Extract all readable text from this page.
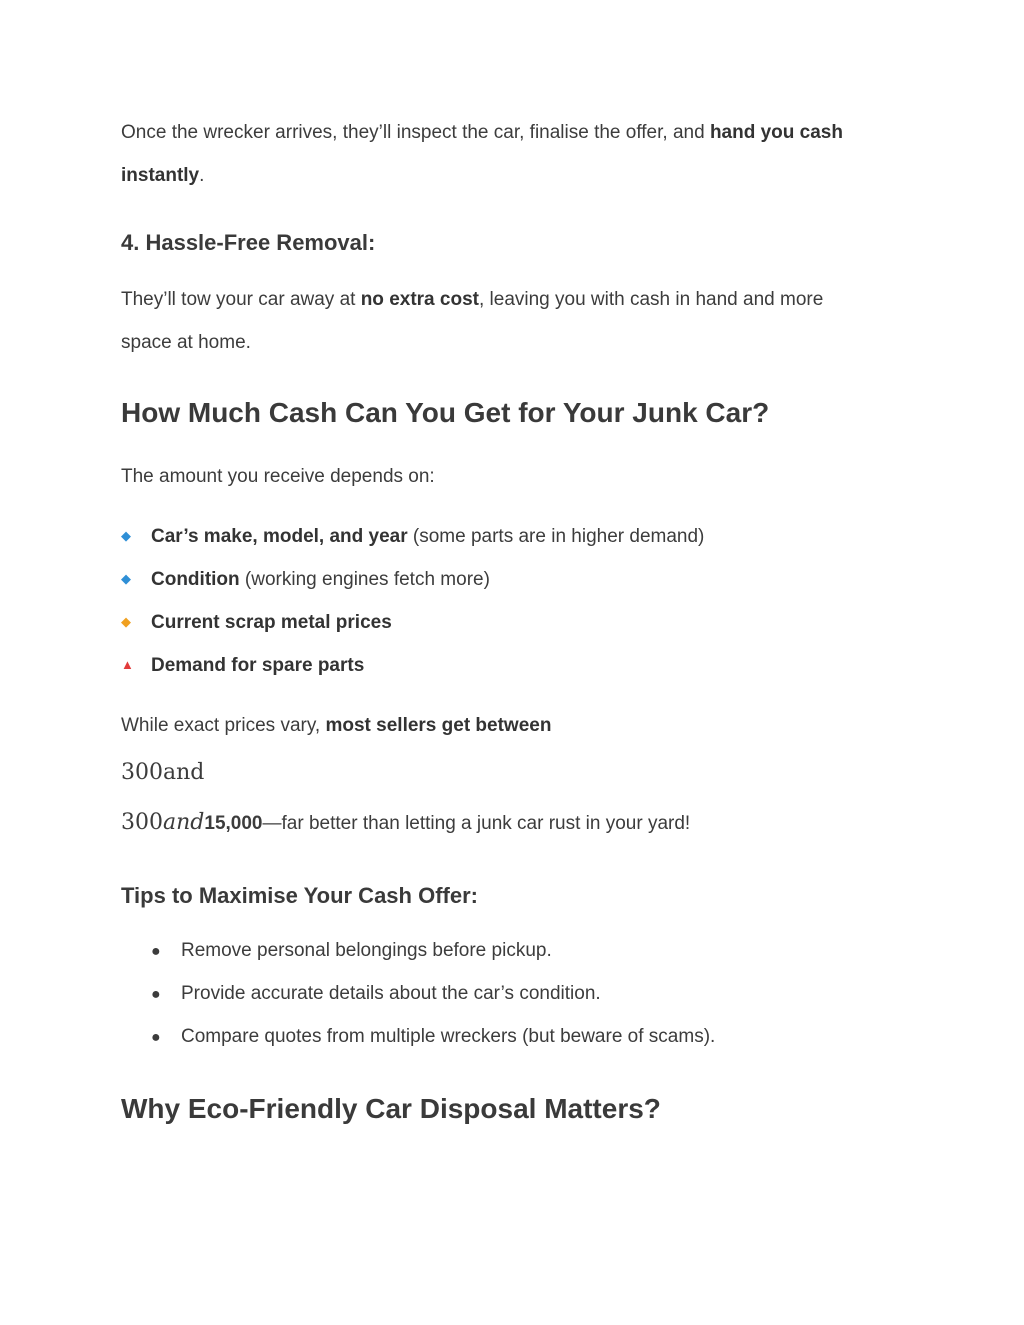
Once the wrecker arrives, they’ll inspect the car, finalise the offer, and hand you cash

instantly.

4. Hassle-Free Removal:

They’ll tow your car away at no extra cost, leaving you with cash in hand and more

space at home.

How Much Cash Can You Get for Your Junk Car?

The amount you receive depends on:

◆ Car’s make, model, and year (some parts are in higher demand)
◆ Condition (working engines fetch more)
◆ Current scrap metal prices
▲ Demand for spare parts

While exact prices vary, most sellers get between

300and
300and15,000—far better than letting a junk car rust in your yard!
Tips to Maximise Your Cash Offer:
● Remove personal belongings before pickup.
● Provide accurate details about the car’s condition.
● Compare quotes from multiple wreckers (but beware of scams).
Why Eco-Friendly Car Disposal Matters?
